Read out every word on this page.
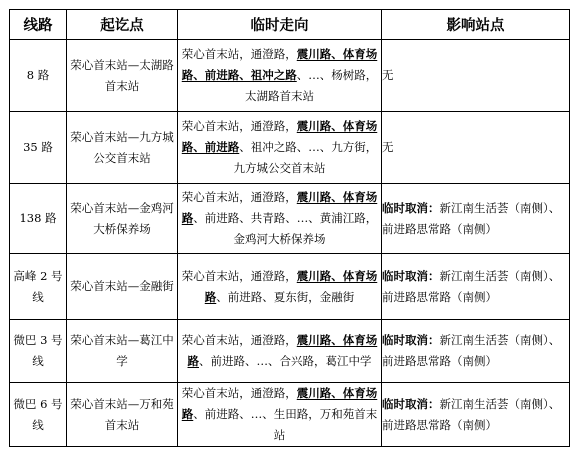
线路	起讫点	临时走向	影响站点
8 路	荣心首末站—太湖路首末站	荣心首末站，通澄路，震川路、体育场路、前进路、祖冲之路、…、杨树路，太湖路首末站	无
35 路	荣心首末站—九方城公交首末站	荣心首末站，通澄路，震川路、体育场路、前进路、祖冲之路、…、九方街，九方城公交首末站	无
138 路	荣心首末站—金鸡河大桥保养场	荣心首末站，通澄路，震川路、体育场路、前进路、共青路、…、黄浦江路，金鸡河大桥保养场	临时取消：新江南生活荟（南侧）、前进路思常路（南侧）
高峰 2 号线	荣心首末站—金融街	荣心首末站，通澄路，震川路、体育场路、前进路、夏东街，金融街	临时取消：新江南生活荟（南侧）、前进路思常路（南侧）
微巴 3 号线	荣心首末站—葛江中学	荣心首末站，通澄路，震川路、体育场路、前进路、…、合兴路，葛江中学	临时取消：新江南生活荟（南侧）、前进路思常路（南侧）
微巴 6 号线	荣心首末站—万和苑首末站	荣心首末站，通澄路，震川路、体育场路、前进路、…、生田路，万和苑首末站	临时取消：新江南生活荟（南侧）、前进路思常路（南侧）
